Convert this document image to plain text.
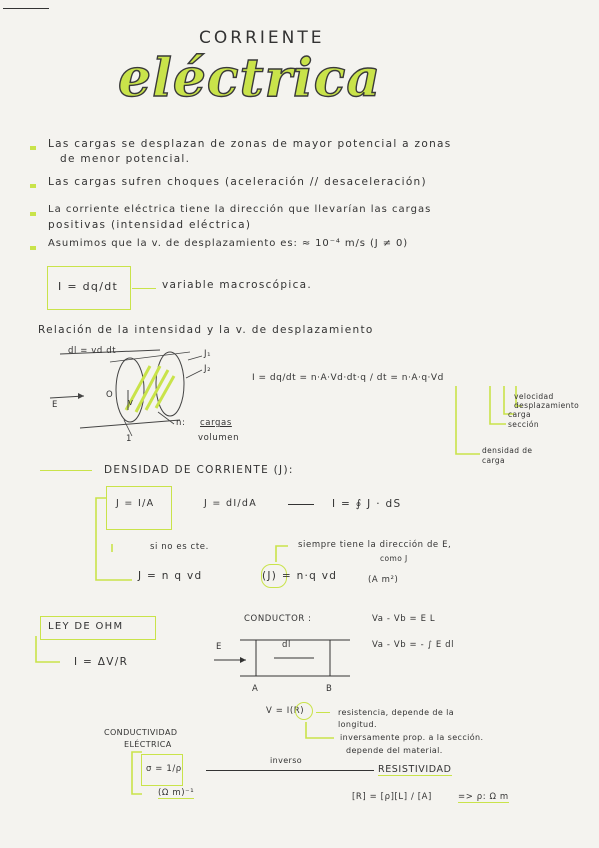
CORRIENTE
eléctrica
Las cargas se desplazan de zonas de mayor potencial a zonas
de menor potencial.
Las cargas sufren choques (aceleración // desaceleración)
La corriente eléctrica tiene la dirección que llevarían las cargas
positivas (intensidad eléctrica)
Asumimos que la v. de desplazamiento es: ≈ 10⁻⁴ m/s (J ≠ 0)
I = dq/dt	variable macroscópica.
Relación de la intensidad y la v. de desplazamiento
dl = vd dt	J₁
J₂
E
O
v
n: cargas
volumen
1
I = dq/dt = n·A·Vd·dt·q / dt = n·A·q·Vd
velocidad desplazamiento
carga
sección
densidad de carga
DENSIDAD DE CORRIENTE (J):
J = I/A	J = dI/dA	I = ∮ J · dS
si no es cte.
J = n q vd	(J) = n·q vd	(A m²)
siempre tiene la dirección de E,
como J
LEY DE OHM
I = ΔV/R
CONDUCTOR :
E	dl
A	B
Va - Vb = E L
Va - Vb = - ∫ E dl
V = I(R)	resistencia, depende de la
longitud.
inversamente prop. a la sección.
depende del material.
CONDUCTIVIDAD
ELÉCTRICA
σ = 1/ρ
(Ω m)⁻¹
inverso
RESISTIVIDAD
[R] = [ρ][L] / [A]	=> ρ: Ω m
